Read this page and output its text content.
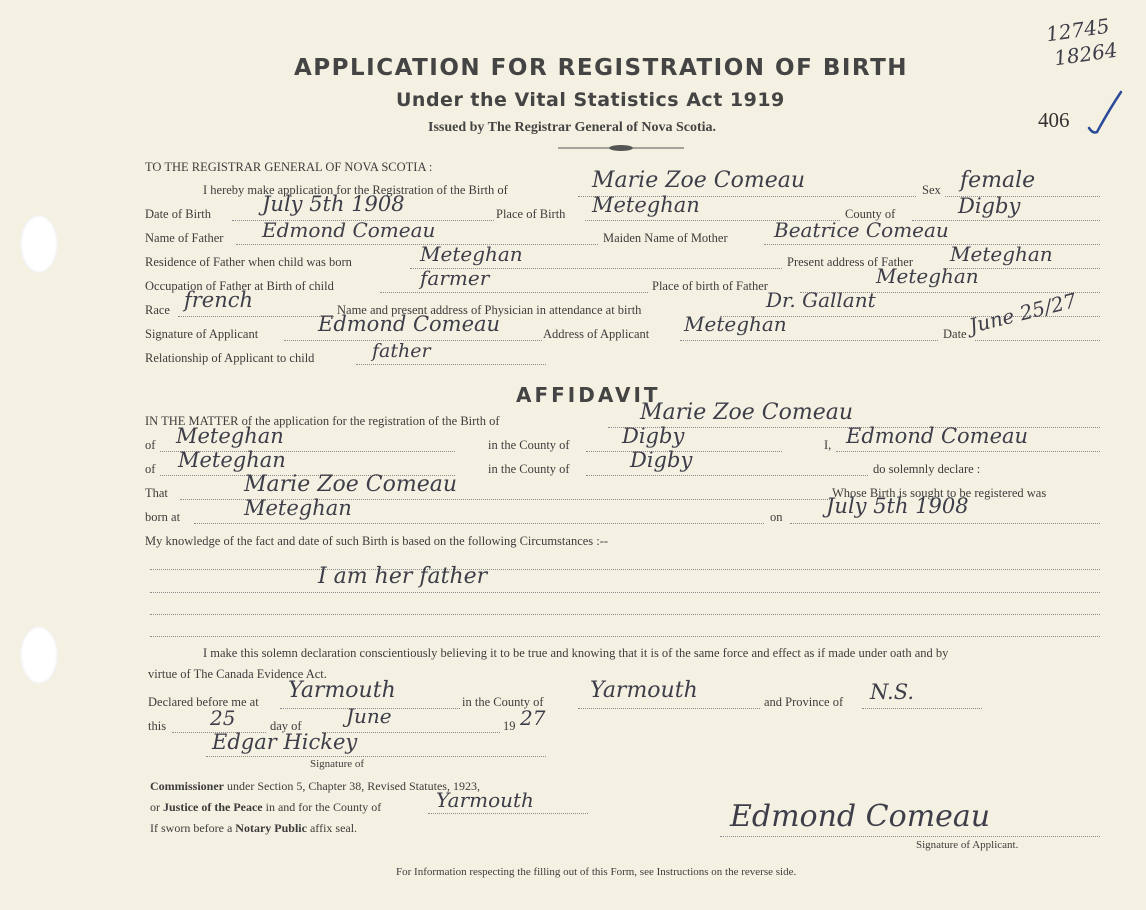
12745
18264
406
APPLICATION FOR REGISTRATION OF BIRTH
Under the Vital Statistics Act 1919
Issued by The Registrar General of Nova Scotia.
TO THE REGISTRAR GENERAL OF NOVA SCOTIA :
I hereby make application for the Registration of the Birth of	Marie Zoe Comeau	Sex female
Date of Birth July 5th 1908	Place of Birth Meteghan	County of	Digby
Name of Father Edmond Comeau	Maiden Name of Mother Beatrice Comeau
Residence of Father when child was born	Meteghan	Present address of Father Meteghan
Occupation of Father at Birth of child	farmer	Place of birth of Father	Meteghan
Race french	Name and present address of Physician in attendance at birth	Dr. Gallant
Signature of Applicant	Edmond Comeau	Address of Applicant Meteghan	Date June 25/27
Relationship of Applicant to child	father
AFFIDAVIT
IN THE MATTER of the application for the registration of the Birth of	Marie Zoe Comeau
of Meteghan	in the County of Digby	I, Edmond Comeau
of Meteghan	in the County of	Digby	do solemnly declare :
That	Marie Zoe Comeau	Whose Birth is sought to be registered was
born at	Meteghan	on July 5th 1908
My knowledge of the fact and date of such Birth is based on the following Circumstances :--
I am her father
I make this solemn declaration conscientiously believing it to be true and knowing that it is of the same force and effect as if made under oath and by
virtue of The Canada Evidence Act.
Declared before me at Yarmouth	in the County of Yarmouth	and Province of N.S.
this 25	day of June	19 27
Edgar Hickey
Signature of
Commissioner under Section 5, Chapter 38, Revised Statutes, 1923,
or Justice of the Peace in and for the County of	Yarmouth
If sworn before a Notary Public affix seal.	Edmond Comeau
Signature of Applicant.
For Information respecting the filling out of this Form, see Instructions on the reverse side.
